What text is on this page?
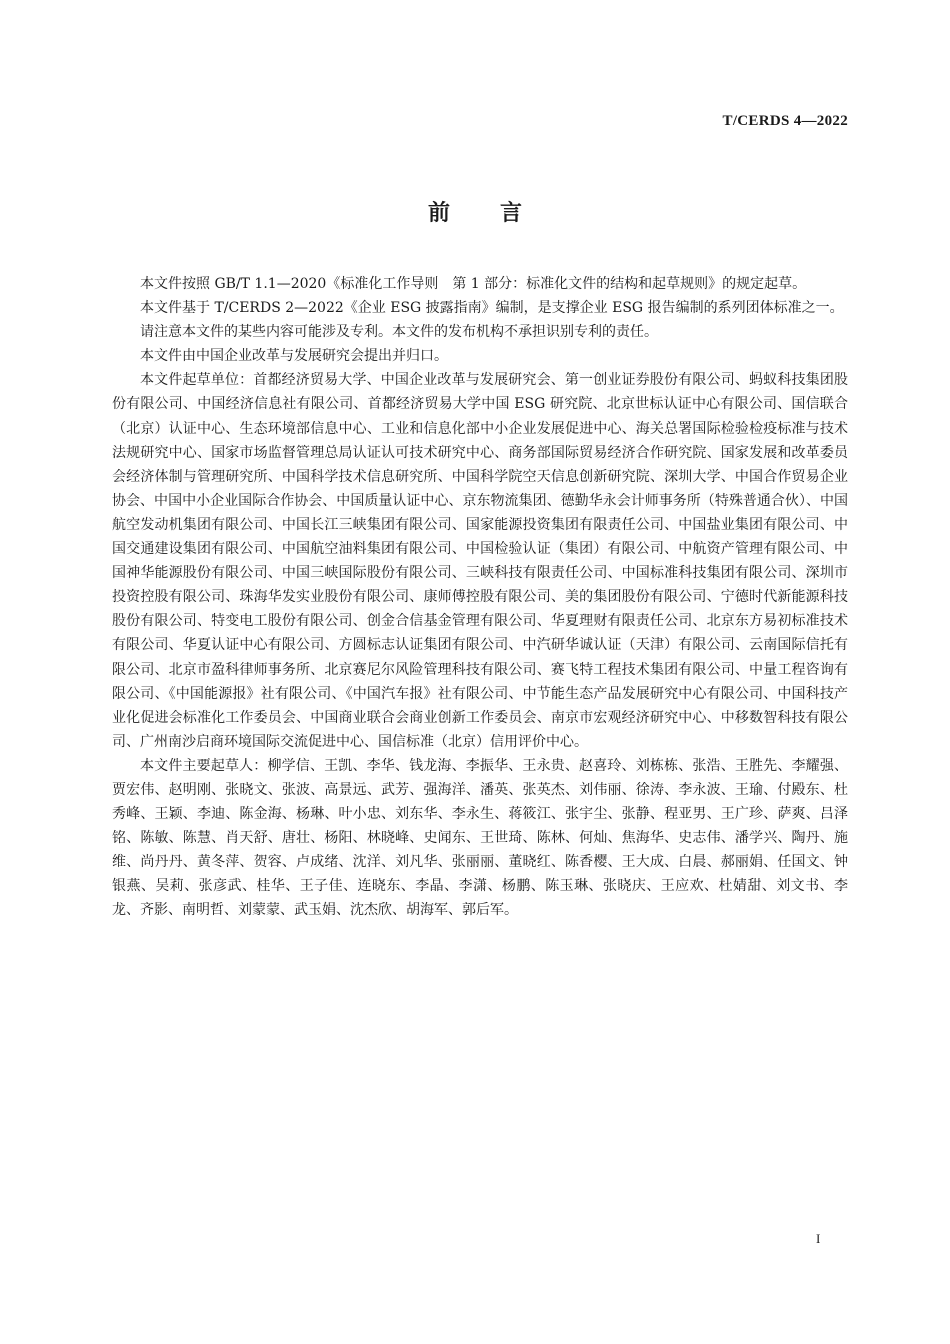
T/CERDS 4—2022
前言

本文件按照 GB/T 1.1—2020《标准化工作导则　第 1 部分：标准化文件的结构和起草规则》的规定起草。

本文件基于 T/CERDS 2—2022《企业 ESG 披露指南》编制，是支撑企业 ESG 报告编制的系列团体标准之一。

请注意本文件的某些内容可能涉及专利。本文件的发布机构不承担识别专利的责任。

本文件由中国企业改革与发展研究会提出并归口。

本文件起草单位：首都经济贸易大学、中国企业改革与发展研究会、第一创业证券股份有限公司、蚂蚁科技集团股份有限公司、中国经济信息社有限公司、首都经济贸易大学中国 ESG 研究院、北京世标认证中心有限公司、国信联合（北京）认证中心、生态环境部信息中心、工业和信息化部中小企业发展促进中心、海关总署国际检验检疫标准与技术法规研究中心、国家市场监督管理总局认证认可技术研究中心、商务部国际贸易经济合作研究院、国家发展和改革委员会经济体制与管理研究所、中国科学技术信息研究所、中国科学院空天信息创新研究院、深圳大学、中国合作贸易企业协会、中国中小企业国际合作协会、中国质量认证中心、京东物流集团、德勤华永会计师事务所（特殊普通合伙）、中国航空发动机集团有限公司、中国长江三峡集团有限公司、国家能源投资集团有限责任公司、中国盐业集团有限公司、中国交通建设集团有限公司、中国航空油料集团有限公司、中国检验认证（集团）有限公司、中航资产管理有限公司、中国神华能源股份有限公司、中国三峡国际股份有限公司、三峡科技有限责任公司、中国标准科技集团有限公司、深圳市投资控股有限公司、珠海华发实业股份有限公司、康师傅控股有限公司、美的集团股份有限公司、宁德时代新能源科技股份有限公司、特变电工股份有限公司、创金合信基金管理有限公司、华夏理财有限责任公司、北京东方易初标准技术有限公司、华夏认证中心有限公司、方圆标志认证集团有限公司、中汽研华诚认证（天津）有限公司、云南国际信托有限公司、北京市盈科律师事务所、北京赛尼尔风险管理科技有限公司、赛飞特工程技术集团有限公司、中量工程咨询有限公司、《中国能源报》社有限公司、《中国汽车报》社有限公司、中节能生态产品发展研究中心有限公司、中国科技产业化促进会标准化工作委员会、中国商业联合会商业创新工作委员会、南京市宏观经济研究中心、中移数智科技有限公司、广州南沙启商环境国际交流促进中心、国信标准（北京）信用评价中心。

本文件主要起草人：柳学信、王凯、李华、钱龙海、李振华、王永贵、赵喜玲、刘栋栋、张浩、王胜先、李耀强、贾宏伟、赵明刚、张晓文、张波、高景远、武芳、强海洋、潘英、张英杰、刘伟丽、徐涛、李永波、王瑜、付殿东、杜秀峰、王颖、李迪、陈金海、杨琳、叶小忠、刘东华、李永生、蒋筱江、张宇尘、张静、程亚男、王广珍、萨爽、吕泽铭、陈敏、陈慧、肖天舒、唐壮、杨阳、林晓峰、史闻东、王世琦、陈林、何灿、焦海华、史志伟、潘学兴、陶丹、施维、尚丹丹、黄冬萍、贺容、卢成绪、沈洋、刘凡华、张丽丽、董晓红、陈香樱、王大成、白晨、郝丽娟、任国文、钟银燕、吴莉、张彦武、桂华、王子佳、连晓东、李晶、李潇、杨鹏、陈玉琳、张晓庆、王应欢、杜婧甜、刘文书、李龙、齐影、南明哲、刘蒙蒙、武玉娟、沈杰欣、胡海军、郭后军。

I
